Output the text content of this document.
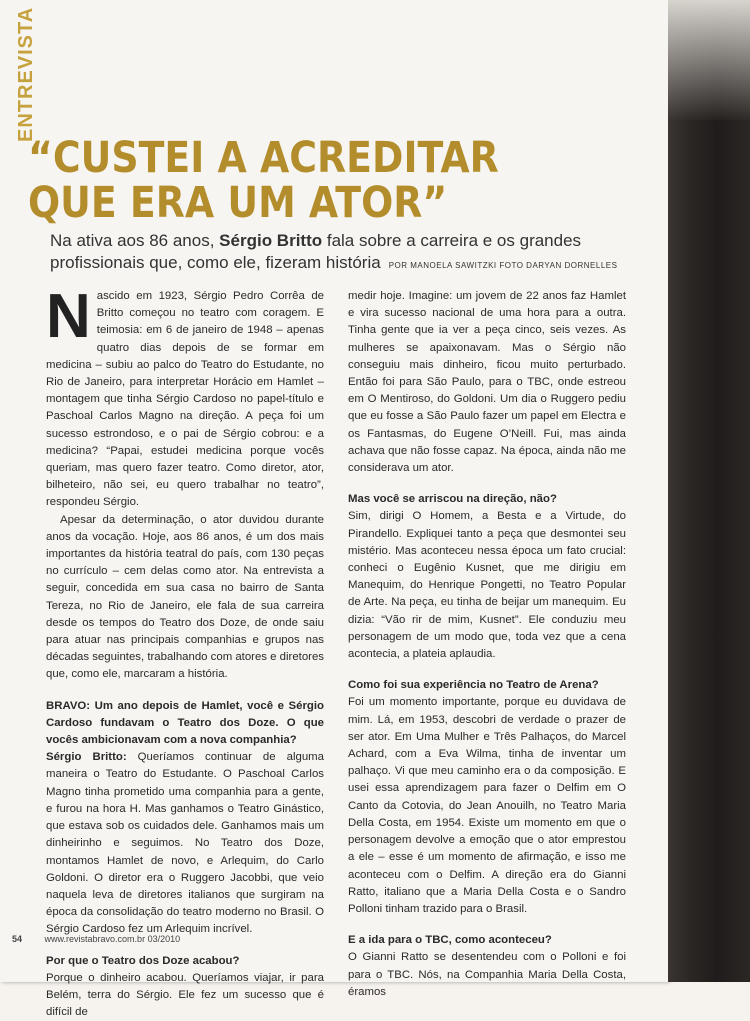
ENTREVISTA
“CUSTEI A ACREDITAR
QUE ERA UM ATOR”
Na ativa aos 86 anos, Sérgio Britto fala sobre a carreira e os grandes profissionais que, como ele, fizeram história POR MANOELA SAWITZKI FOTO DARYAN DORNELLES

Nascido em 1923, Sérgio Pedro Corrêa de Britto começou no teatro com coragem. E teimosia: em 6 de janeiro de 1948 – apenas quatro dias depois de se formar em medicina – subiu ao palco do Teatro do Estudante, no Rio de Janeiro, para interpretar Horácio em Hamlet – montagem que tinha Sérgio Cardoso no papel-título e Paschoal Carlos Magno na direção. A peça foi um sucesso estrondoso, e o pai de Sérgio cobrou: e a medicina? “Papai, estudei medicina porque vocês queriam, mas quero fazer teatro. Como diretor, ator, bilheteiro, não sei, eu quero trabalhar no teatro”, respondeu Sérgio.

Apesar da determinação, o ator duvidou durante anos da vocação. Hoje, aos 86 anos, é um dos mais importantes da história teatral do país, com 130 peças no currículo – cem delas como ator. Na entrevista a seguir, concedida em sua casa no bairro de Santa Tereza, no Rio de Janeiro, ele fala de sua carreira desde os tempos do Teatro dos Doze, de onde saiu para atuar nas principais companhias e grupos nas décadas seguintes, trabalhando com atores e diretores que, como ele, marcaram a história.

BRAVO: Um ano depois de Hamlet, você e Sérgio Cardoso fundavam o Teatro dos Doze. O que vocês ambicionavam com a nova companhia?

Sérgio Britto: Queríamos continuar de alguma maneira o Teatro do Estudante. O Paschoal Carlos Magno tinha prometido uma companhia para a gente, e furou na hora H. Mas ganhamos o Teatro Ginástico, que estava sob os cuidados dele. Ganhamos mais um dinheirinho e seguimos. No Teatro dos Doze, montamos Hamlet de novo, e Arlequim, do Carlo Goldoni. O diretor era o Ruggero Jacobbi, que veio naquela leva de diretores italianos que surgiram na época da consolidação do teatro moderno no Brasil. O Sérgio Cardoso fez um Arlequim incrível.

Por que o Teatro dos Doze acabou?

Porque o dinheiro acabou. Queríamos viajar, ir para Belém, terra do Sérgio. Ele fez um sucesso que é difícil de

medir hoje. Imagine: um jovem de 22 anos faz Hamlet e vira sucesso nacional de uma hora para a outra. Tinha gente que ia ver a peça cinco, seis vezes. As mulheres se apaixonavam. Mas o Sérgio não conseguiu mais dinheiro, ficou muito perturbado. Então foi para São Paulo, para o TBC, onde estreou em O Mentiroso, do Goldoni. Um dia o Ruggero pediu que eu fosse a São Paulo fazer um papel em Electra e os Fantasmas, do Eugene O’Neill. Fui, mas ainda achava que não fosse capaz. Na época, ainda não me considerava um ator.

Mas você se arriscou na direção, não?

Sim, dirigi O Homem, a Besta e a Virtude, do Pirandello. Expliquei tanto a peça que desmontei seu mistério. Mas aconteceu nessa época um fato crucial: conheci o Eugênio Kusnet, que me dirigiu em Manequim, do Henrique Pongetti, no Teatro Popular de Arte. Na peça, eu tinha de beijar um manequim. Eu dizia: “Vão rir de mim, Kusnet”. Ele conduziu meu personagem de um modo que, toda vez que a cena acontecia, a plateia aplaudia.

Como foi sua experiência no Teatro de Arena?

Foi um momento importante, porque eu duvidava de mim. Lá, em 1953, descobri de verdade o prazer de ser ator. Em Uma Mulher e Três Palhaços, do Marcel Achard, com a Eva Wilma, tinha de inventar um palhaço. Vi que meu caminho era o da composição. E usei essa aprendizagem para fazer o Delfim em O Canto da Cotovia, do Jean Anouilh, no Teatro Maria Della Costa, em 1954. Existe um momento em que o personagem devolve a emoção que o ator emprestou a ele – esse é um momento de afirmação, e isso me aconteceu com o Delfim. A direção era do Gianni Ratto, italiano que a Maria Della Costa e o Sandro Polloni tinham trazido para o Brasil.

E a ida para o TBC, como aconteceu?

O Gianni Ratto se desentendeu com o Polloni e foi para o TBC. Nós, na Companhia Maria Della Costa, éramos

54	www.revistabravo.com.br 03/2010
